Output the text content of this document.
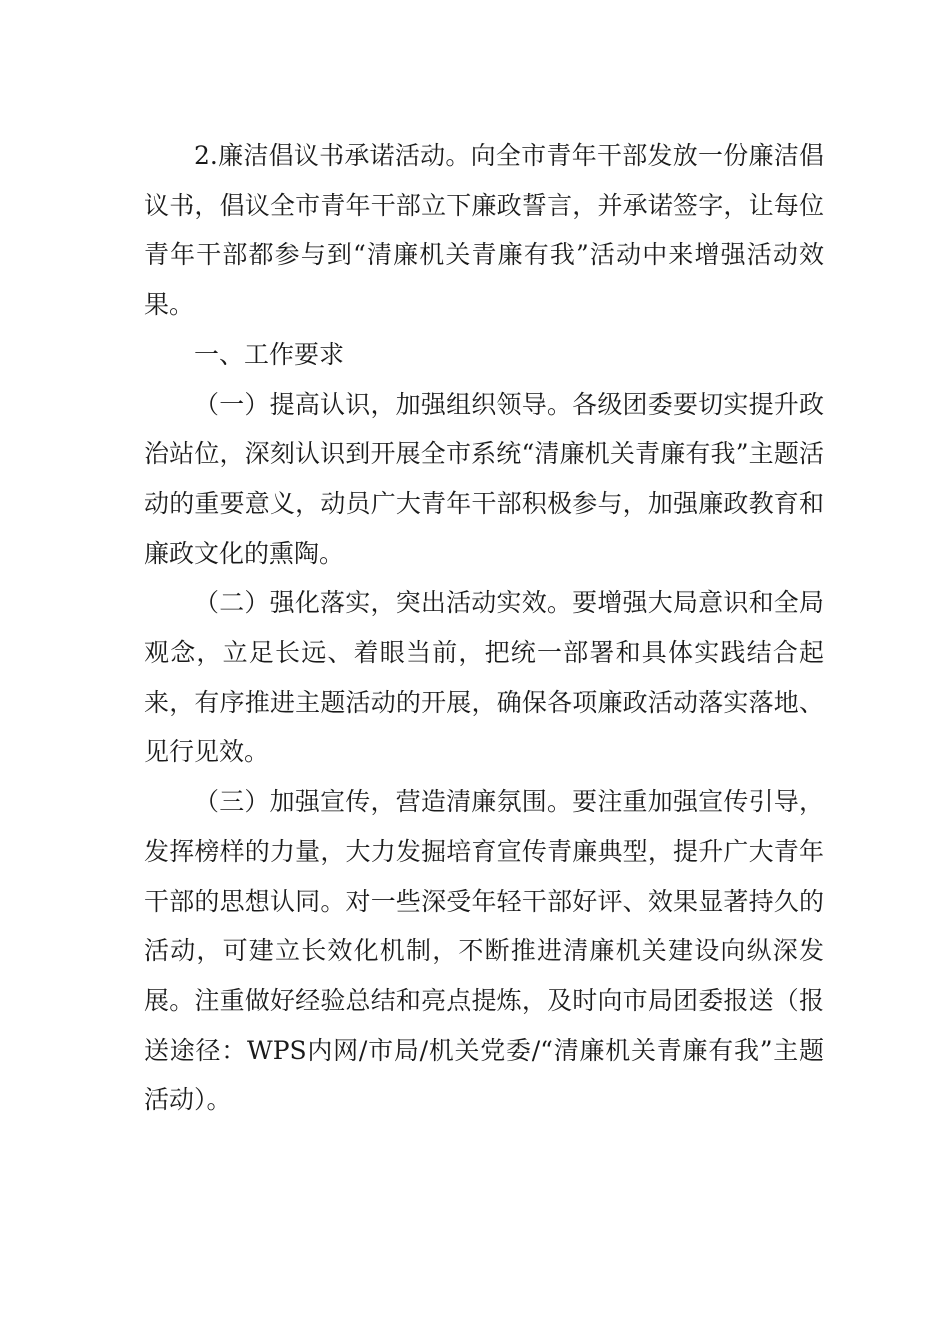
2.廉洁倡议书承诺活动。向全市青年干部发放一份廉洁倡议书，倡议全市青年干部立下廉政誓言，并承诺签字，让每位青年干部都参与到“清廉机关青廉有我”活动中来增强活动效果。

一、工作要求

（一）提高认识，加强组织领导。各级团委要切实提升政治站位，深刻认识到开展全市系统“清廉机关青廉有我”主题活动的重要意义，动员广大青年干部积极参与，加强廉政教育和廉政文化的熏陶。

（二）强化落实，突出活动实效。要增强大局意识和全局观念，立足长远、着眼当前，把统一部署和具体实践结合起来，有序推进主题活动的开展，确保各项廉政活动落实落地、见行见效。

（三）加强宣传，营造清廉氛围。要注重加强宣传引导，发挥榜样的力量，大力发掘培育宣传青廉典型，提升广大青年干部的思想认同。对一些深受年轻干部好评、效果显著持久的活动，可建立长效化机制，不断推进清廉机关建设向纵深发展。注重做好经验总结和亮点提炼，及时向市局团委报送（报送途径：WPS内网/市局/机关党委/“清廉机关青廉有我”主题活动）。
